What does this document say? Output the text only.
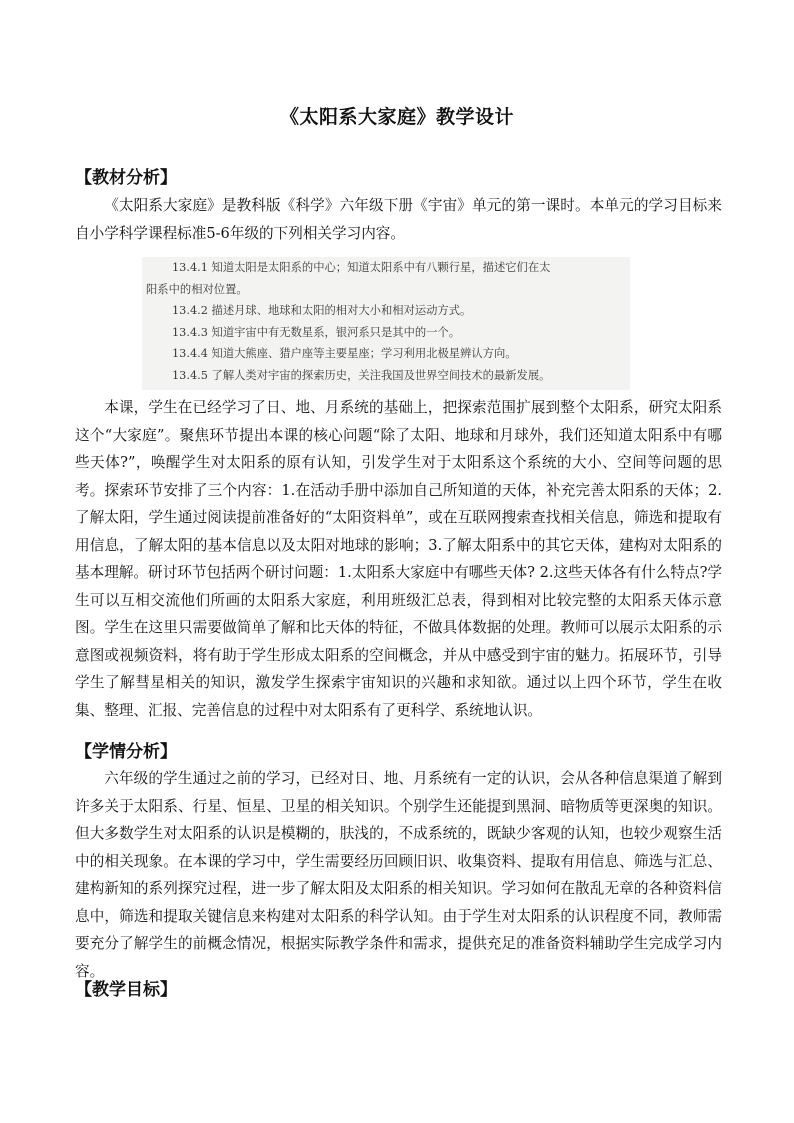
《太阳系大家庭》教学设计
【教材分析】

《太阳系大家庭》是教科版《科学》六年级下册《宇宙》单元的第一课时。本单元的学习目标来自小学科学课程标准5-6年级的下列相关学习内容。

13.4.1 知道太阳是太阳系的中心；知道太阳系中有八颗行星，描述它们在太
阳系中的相对位置。
13.4.2 描述月球、地球和太阳的相对大小和相对运动方式。
13.4.3 知道宇宙中有无数星系，银河系只是其中的一个。
13.4.4 知道大熊座、猎户座等主要星座；学习利用北极星辨认方向。
13.4.5 了解人类对宇宙的探索历史，关注我国及世界空间技术的最新发展。

本课，学生在已经学习了日、地、月系统的基础上，把探索范围扩展到整个太阳系，研究太阳系这个“大家庭”。聚焦环节提出本课的核心问题“除了太阳、地球和月球外，我们还知道太阳系中有哪些天体?”，唤醒学生对太阳系的原有认知，引发学生对于太阳系这个系统的大小、空间等问题的思考。探索环节安排了三个内容：1.在活动手册中添加自己所知道的天体，补充完善太阳系的天体；2.了解太阳，学生通过阅读提前准备好的“太阳资料单”，或在互联网搜索查找相关信息，筛选和提取有用信息，了解太阳的基本信息以及太阳对地球的影响；3.了解太阳系中的其它天体，建构对太阳系的基本理解。研讨环节包括两个研讨问题：1.太阳系大家庭中有哪些天体? 2.这些天体各有什么特点?学生可以互相交流他们所画的太阳系大家庭，利用班级汇总表，得到相对比较完整的太阳系天体示意图。学生在这里只需要做简单了解和比天体的特征，不做具体数据的处理。教师可以展示太阳系的示意图或视频资料，将有助于学生形成太阳系的空间概念，并从中感受到宇宙的魅力。拓展环节，引导学生了解彗星相关的知识，激发学生探索宇宙知识的兴趣和求知欲。通过以上四个环节，学生在收集、整理、汇报、完善信息的过程中对太阳系有了更科学、系统地认识。

【学情分析】

六年级的学生通过之前的学习，已经对日、地、月系统有一定的认识，会从各种信息渠道了解到许多关于太阳系、行星、恒星、卫星的相关知识。个别学生还能提到黑洞、暗物质等更深奥的知识。但大多数学生对太阳系的认识是模糊的，肤浅的，不成系统的，既缺少客观的认知，也较少观察生活中的相关现象。在本课的学习中，学生需要经历回顾旧识、收集资料、提取有用信息、筛选与汇总、建构新知的系列探究过程，进一步了解太阳及太阳系的相关知识。学习如何在散乱无章的各种资料信息中，筛选和提取关键信息来构建对太阳系的科学认知。由于学生对太阳系的认识程度不同，教师需要充分了解学生的前概念情况，根据实际教学条件和需求，提供充足的准备资料辅助学生完成学习内容。

【教学目标】
